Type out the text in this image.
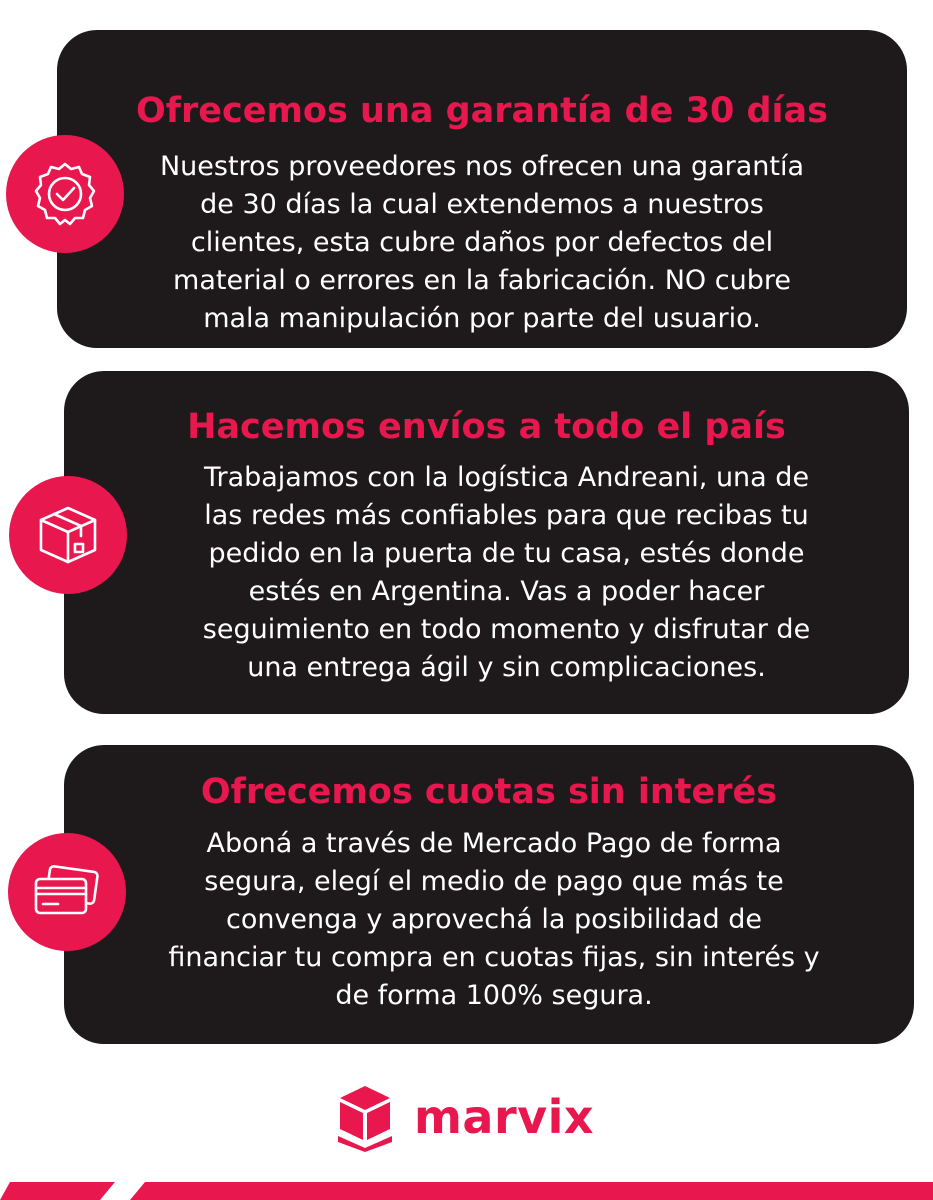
Ofrecemos una garantía de 30 días
Nuestros proveedores nos ofrecen una garantía
de 30 días la cual extendemos a nuestros
clientes, esta cubre daños por defectos del
material o errores en la fabricación. NO cubre
mala manipulación por parte del usuario.
Hacemos envíos a todo el país
Trabajamos con la logística Andreani, una de
las redes más confiables para que recibas tu
pedido en la puerta de tu casa, estés donde
estés en Argentina. Vas a poder hacer
seguimiento en todo momento y disfrutar de
una entrega ágil y sin complicaciones.
Ofrecemos cuotas sin interés
Aboná a través de Mercado Pago de forma
segura, elegí el medio de pago que más te
convenga y aprovechá la posibilidad de
financiar tu compra en cuotas fijas, sin interés y
de forma 100% segura.
marvix
